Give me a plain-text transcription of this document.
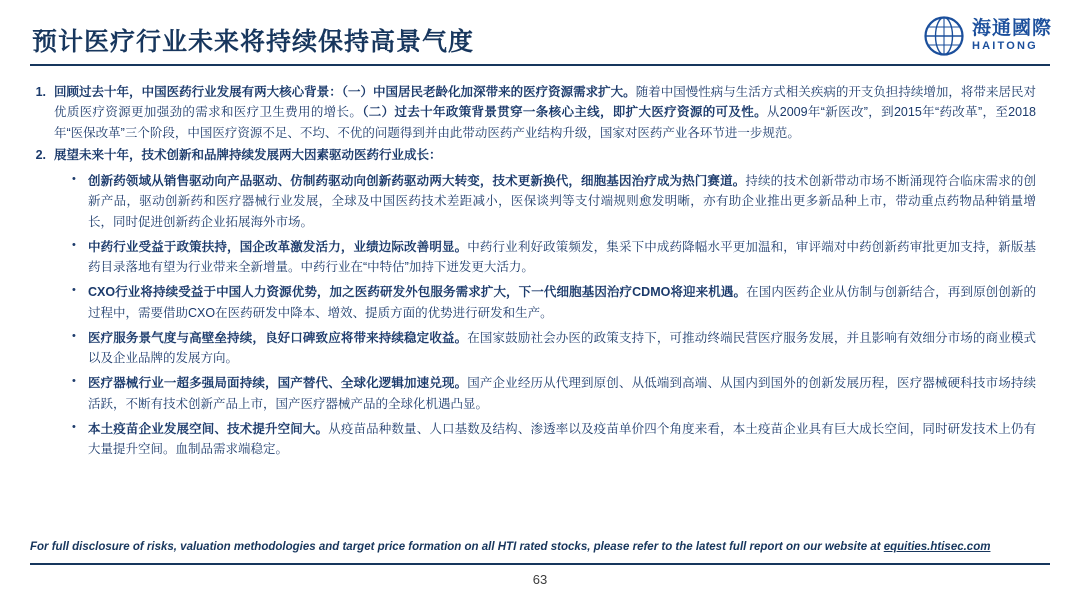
预计医疗行业未来将持续保持高景气度	海通國際
HAITONG
1. 回顾过去十年，中国医药行业发展有两大核心背景：（一）中国居民老龄化加深带来的医疗资源需求扩大。随着中国慢性病与生活方式相关疾病的开支负担持续增加，将带来居民对优质医疗资源更加强劲的需求和医疗卫生费用的增长。（二）过去十年政策背景贯穿一条核心主线，即扩大医疗资源的可及性。从2009年“新医改”，到2015年“药改革”，至2018年“医保改革”三个阶段，中国医疗资源不足、不均、不优的问题得到并由此带动医药产业结构升级，国家对医药产业各环节进一步规范。
2. 展望未来十年，技术创新和品牌持续发展两大因素驱动医药行业成长：
• 创新药领域从销售驱动向产品驱动、仿制药驱动向创新药驱动两大转变，技术更新换代，细胞基因治疗成为热门赛道。持续的技术创新带动市场不断涌现符合临床需求的创新产品，驱动创新药和医疗器械行业发展，全球及中国医药技术差距减小，医保谈判等支付端规则愈发明晰，亦有助企业推出更多新品种上市，带动重点药物品种销量增长，同时促进创新药企业拓展海外市场。
• 中药行业受益于政策扶持，国企改革激发活力，业绩边际改善明显。中药行业利好政策频发，集采下中成药降幅水平更加温和，审评端对中药创新药审批更加支持，新版基药目录落地有望为行业带来全新增量。中药行业在“中特估”加持下迸发更大活力。
• CXO行业将持续受益于中国人力资源优势，加之医药研发外包服务需求扩大，下一代细胞基因治疗CDMO将迎来机遇。在国内医药企业从仿制与创新结合，再到原创创新的过程中，需要借助CXO在医药研发中降本、增效、提质方面的优势进行研发和生产。
• 医疗服务景气度与高壁垒持续，良好口碑致应将带来持续稳定收益。在国家鼓励社会办医的政策支持下，可推动终端民营医疗服务发展，并且影响有效细分市场的商业模式以及企业品牌的发展方向。
• 医疗器械行业一超多强局面持续，国产替代、全球化逻辑加速兑现。国产企业经历从代理到原创、从低端到高端、从国内到国外的创新发展历程，医疗器械硬科技市场持续活跃，不断有技术创新产品上市，国产医疗器械产品的全球化机遇凸显。
• 本土疫苗企业发展空间、技术提升空间大。从疫苗品种数量、人口基数及结构、渗透率以及疫苗单价四个角度来看，本土疫苗企业具有巨大成长空间，同时研发技术上仍有大量提升空间。血制品需求端稳定。
For full disclosure of risks, valuation methodologies and target price formation on all HTI rated stocks, please refer to the latest full report on our website at equities.htisec.com
63
